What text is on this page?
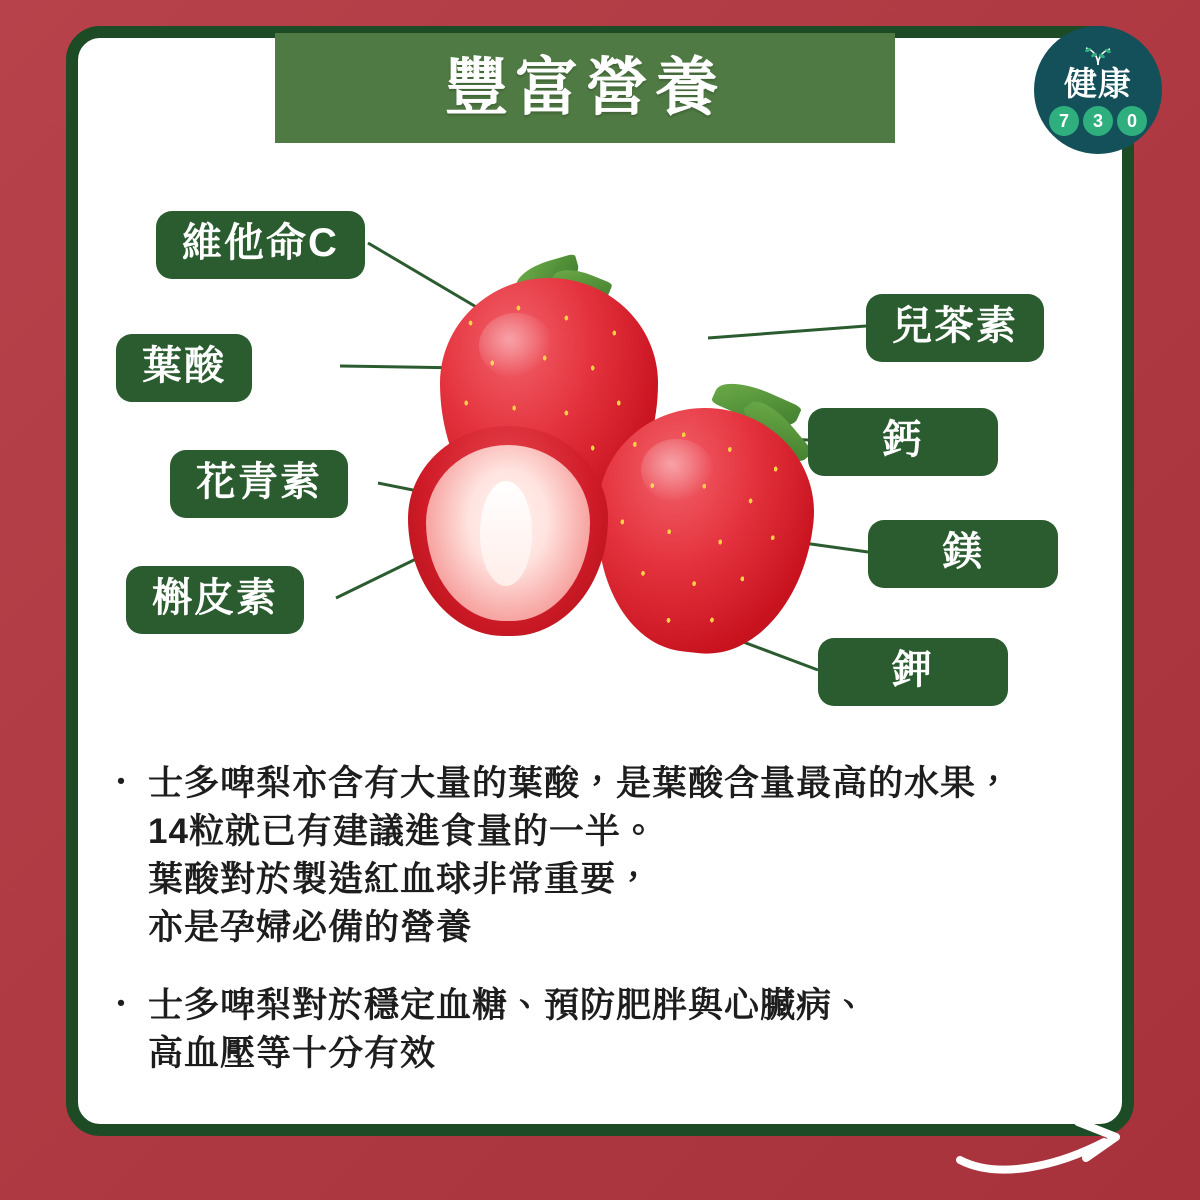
豐富營養	健康
7	3	0
維他命C
葉酸
花青素
槲皮素
兒茶素
鈣
鎂
鉀
・ 士多啤梨亦含有大量的葉酸，是葉酸含量最高的水果，
14粒就已有建議進食量的一半。
葉酸對於製造紅血球非常重要，
亦是孕婦必備的營養
・ 士多啤梨對於穩定血糖、預防肥胖與心臟病、
高血壓等十分有效
